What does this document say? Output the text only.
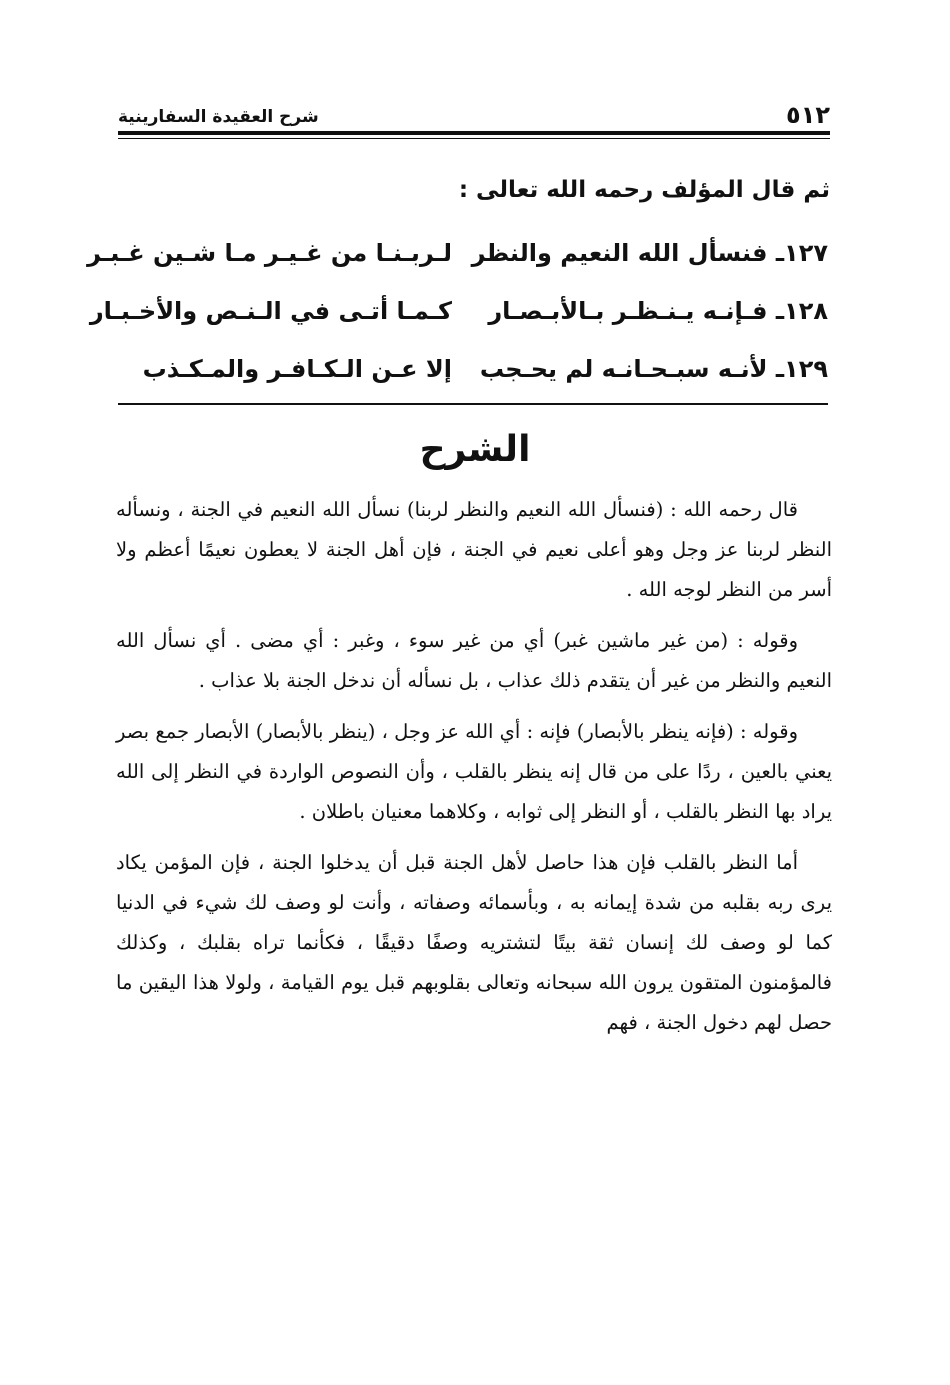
٥١٢
شرح العقيدة السفارينية
ثم قال المؤلف رحمه الله تعالى :
١٢٧ـ فنسأل الله النعيم والنظر
لـربـنـا من غـيـر مـا شـين غـبـر
١٢٨ـ فـإنـه يـنـظـر بـالأبـصـار
كـمـا أتـى في الـنـص والأخـبـار
١٢٩ـ لأنـه سبـحـانـه لم يحـجب
إلا عـن الـكـافـر والمـكـذب
الشرح

قال رحمه الله : (فنسأل الله النعيم والنظر لربنا) نسأل الله النعيم في الجنة ، ونسأله النظر لربنا عز وجل وهو أعلى نعيم في الجنة ، فإن أهل الجنة لا يعطون نعيمًا أعظم ولا أسر من النظر لوجه الله .

وقوله : (من غير ماشين غبر) أي من غير سوء ، وغبر : أي مضى . أي نسأل الله النعيم والنظر من غير أن يتقدم ذلك عذاب ، بل نسأله أن ندخل الجنة بلا عذاب .

وقوله : (فإنه ينظر بالأبصار) فإنه : أي الله عز وجل ، (ينظر بالأبصار) الأبصار جمع بصر يعني بالعين ، ردًا على من قال إنه ينظر بالقلب ، وأن النصوص الواردة في النظر إلى الله يراد بها النظر بالقلب ، أو النظر إلى ثوابه ، وكلاهما معنيان باطلان .

أما النظر بالقلب فإن هذا حاصل لأهل الجنة قبل أن يدخلوا الجنة ، فإن المؤمن يكاد يرى ربه بقلبه من شدة إيمانه به ، وبأسمائه وصفاته ، وأنت لو وصف لك شيء في الدنيا كما لو وصف لك إنسان ثقة بيتًا لتشتريه وصفًا دقيقًا ، فكأنما تراه بقلبك ، وكذلك فالمؤمنون المتقون يرون الله سبحانه وتعالى بقلوبهم قبل يوم القيامة ، ولولا هذا اليقين ما حصل لهم دخول الجنة ، فهم
